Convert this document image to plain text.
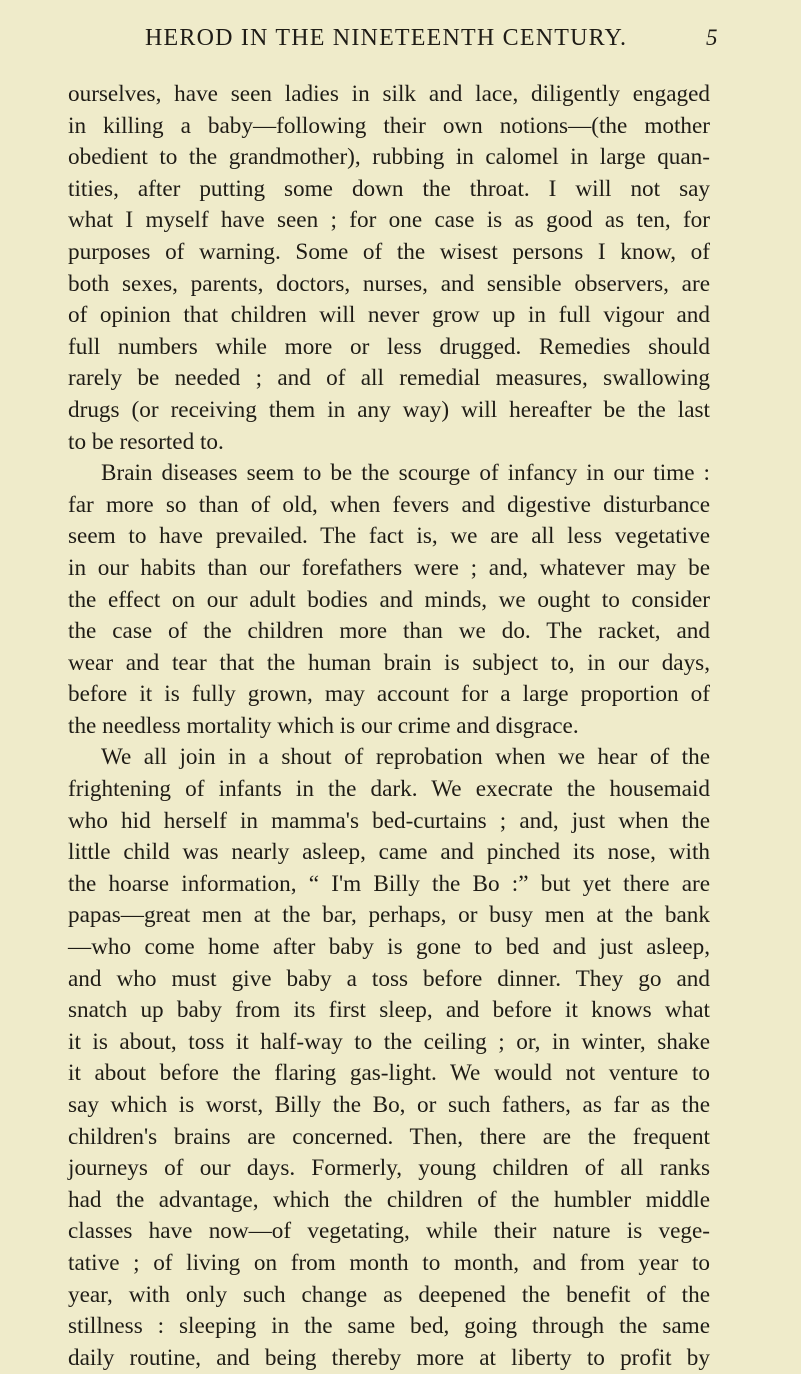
HEROD IN THE NINETEENTH CENTURY.	5
ourselves, have seen ladies in silk and lace, diligently engaged
in killing a baby—following their own notions—(the mother
obedient to the grandmother), rubbing in calomel in large quan-
tities, after putting some down the throat. I will not say
what I myself have seen ; for one case is as good as ten, for
purposes of warning. Some of the wisest persons I know, of
both sexes, parents, doctors, nurses, and sensible observers, are
of opinion that children will never grow up in full vigour and
full numbers while more or less drugged. Remedies should
rarely be needed ; and of all remedial measures, swallowing
drugs (or receiving them in any way) will hereafter be the last
to be resorted to.
Brain diseases seem to be the scourge of infancy in our time :
far more so than of old, when fevers and digestive disturbance
seem to have prevailed. The fact is, we are all less vegetative
in our habits than our forefathers were ; and, whatever may be
the effect on our adult bodies and minds, we ought to consider
the case of the children more than we do. The racket, and
wear and tear that the human brain is subject to, in our days,
before it is fully grown, may account for a large proportion of
the needless mortality which is our crime and disgrace.
We all join in a shout of reprobation when we hear of the
frightening of infants in the dark. We execrate the housemaid
who hid herself in mamma's bed-curtains ; and, just when the
little child was nearly asleep, came and pinched its nose, with
the hoarse information, “ I'm Billy the Bo :” but yet there are
papas—great men at the bar, perhaps, or busy men at the bank
—who come home after baby is gone to bed and just asleep,
and who must give baby a toss before dinner. They go and
snatch up baby from its first sleep, and before it knows what
it is about, toss it half-way to the ceiling ; or, in winter, shake
it about before the flaring gas-light. We would not venture to
say which is worst, Billy the Bo, or such fathers, as far as the
children's brains are concerned. Then, there are the frequent
journeys of our days. Formerly, young children of all ranks
had the advantage, which the children of the humbler middle
classes have now—of vegetating, while their nature is vege-
tative ; of living on from month to month, and from year to
year, with only such change as deepened the benefit of the
stillness : sleeping in the same bed, going through the same
daily routine, and being thereby more at liberty to profit by
